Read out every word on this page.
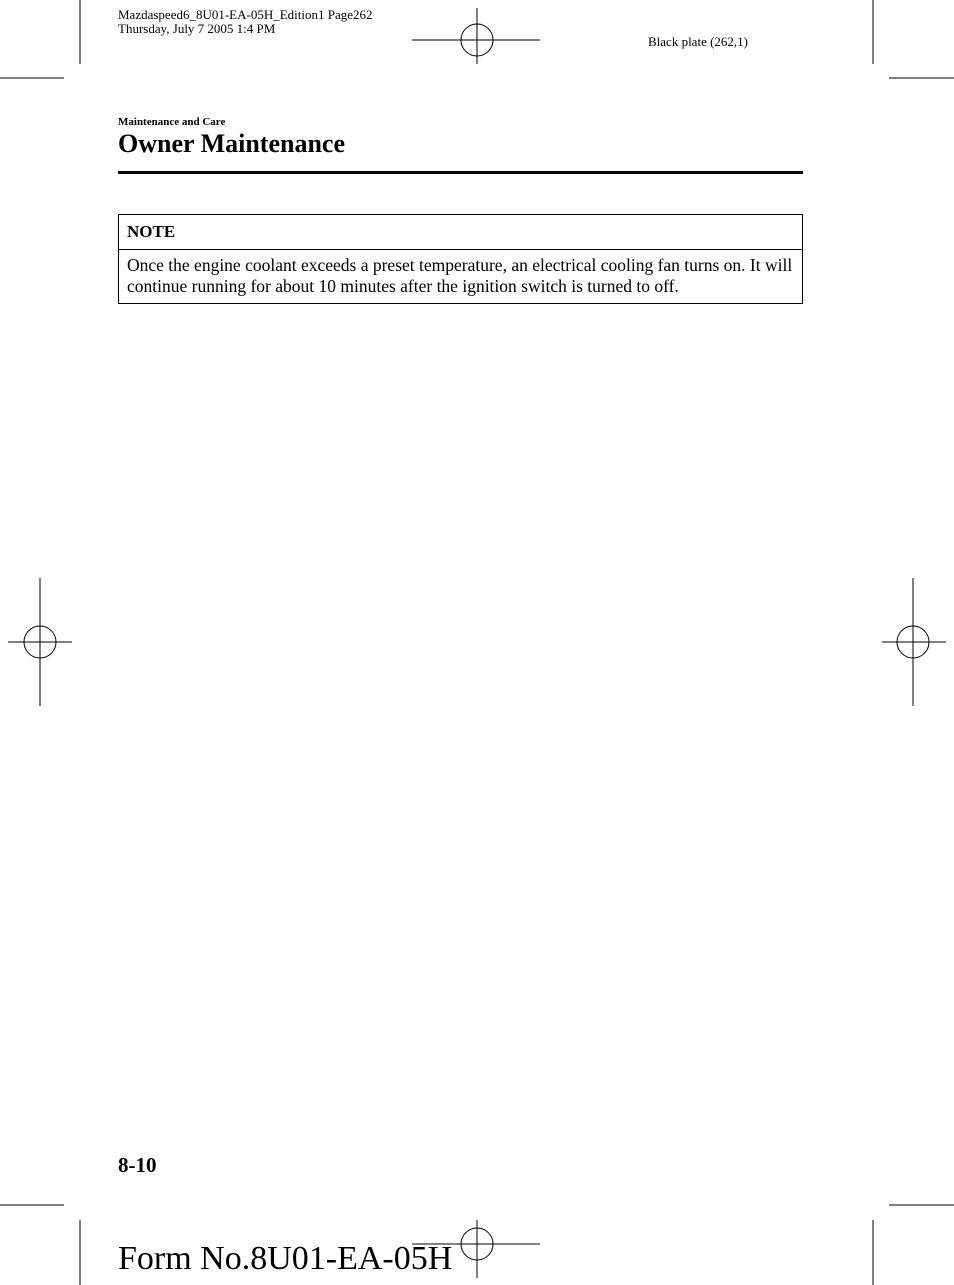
Mazdaspeed6_8U01-EA-05H_Edition1 Page262
Thursday, July 7 2005 1:4 PM
Black plate (262,1)
Maintenance and Care
Owner Maintenance
NOTE
Once the engine coolant exceeds a preset temperature, an electrical cooling fan turns on. It will continue running for about 10 minutes after the ignition switch is turned to off.
8-10
Form No.8U01-EA-05H
